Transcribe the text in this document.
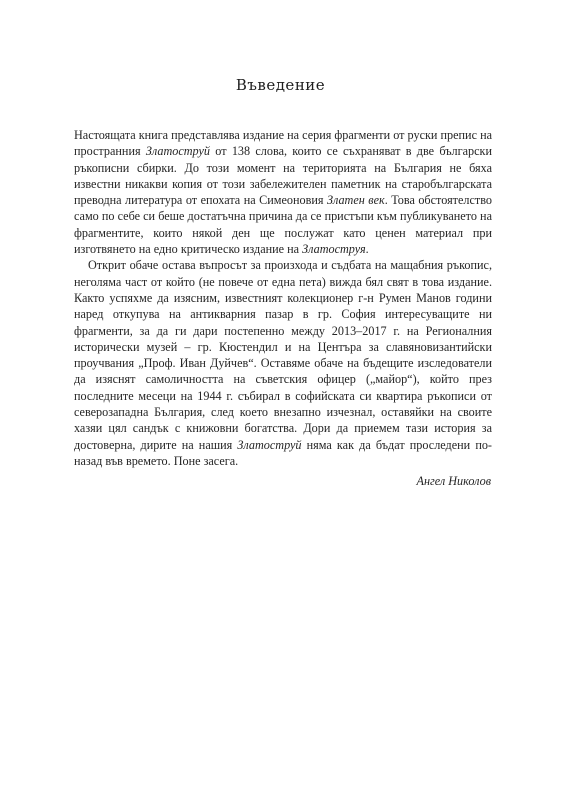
Въведение

Настоящата книга представлява издание на серия фрагменти от руски препис на пространния Златоструй от 138 слова, които се съхраняват в две български ръкописни сбирки. До този момент на територията на България не бяха известни никакви копия от този забележителен паметник на старобългарската преводна литература от епохата на Симеоновия Златен век. Това обстоятелство само по себе си беше достатъчна причина да се пристъпи към публикуването на фрагментите, които някой ден ще послужат като ценен материал при изготвянето на едно критическо издание на Златоструя.

Открит обаче остава въпросът за произхода и съдбата на мащабния ръкопис, неголяма част от който (не повече от една пета) вижда бял свят в това издание. Както успяхме да изясним, известният колекционер г-н Румен Манов години наред откупува на антикварния пазар в гр. София интересуващите ни фрагменти, за да ги дари постепенно между 2013–2017 г. на Регионалния исторически музей – гр. Кюстендил и на Центъра за славяновизантийски проучвания „Проф. Иван Дуйчев“. Оставяме обаче на бъдещите изследователи да изяснят самоличността на съветския офицер („майор“), който през последните месеци на 1944 г. събирал в софийската си квартира ръкописи от северозападна България, след което внезапно изчезнал, оставяйки на своите хазяи цял сандък с книжовни богатства. Дори да приемем тази история за достоверна, дирите на нашия Златоструй няма как да бъдат проследени по-назад във времето. Поне засега.

Ангел Николов
